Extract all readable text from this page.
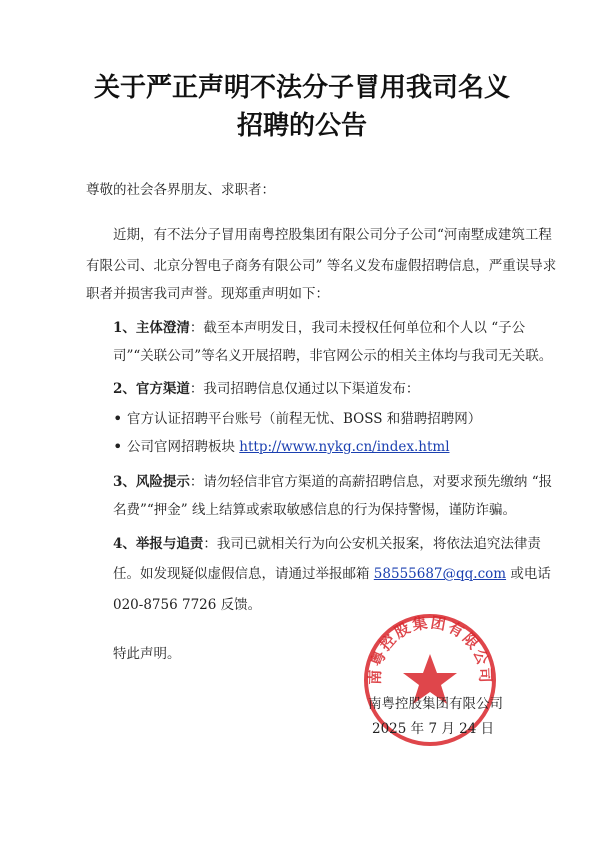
关于严正声明不法分子冒用我司名义
招聘的公告
尊敬的社会各界朋友、求职者：
近期，有不法分子冒用南粤控股集团有限公司分子公司“河南墅成建筑工程
有限公司、北京分智电子商务有限公司” 等名义发布虚假招聘信息，严重误导求
职者并损害我司声誉。现郑重声明如下：
1、主体澄清：截至本声明发日，我司未授权任何单位和个人以 “子公
司”“关联公司”等名义开展招聘，非官网公示的相关主体均与我司无关联。
2、官方渠道：我司招聘信息仅通过以下渠道发布：
• 官方认证招聘平台账号（前程无忧、BOSS 和猎聘招聘网）
• 公司官网招聘板块 http://www.nykg.cn/index.html
3、风险提示：请勿轻信非官方渠道的高薪招聘信息，对要求预先缴纳 “报
名费”“押金” 线上结算或索取敏感信息的行为保持警惕，谨防诈骗。
4、举报与追责：我司已就相关行为向公安机关报案，将依法追究法律责
任。如发现疑似虚假信息，请通过举报邮箱 58555687@qq.com 或电话
020-8756 7726 反馈。
特此声明。
南粤控股集团有限公司
南粤控股集团有限公司
2025 年 7 月 24 日
